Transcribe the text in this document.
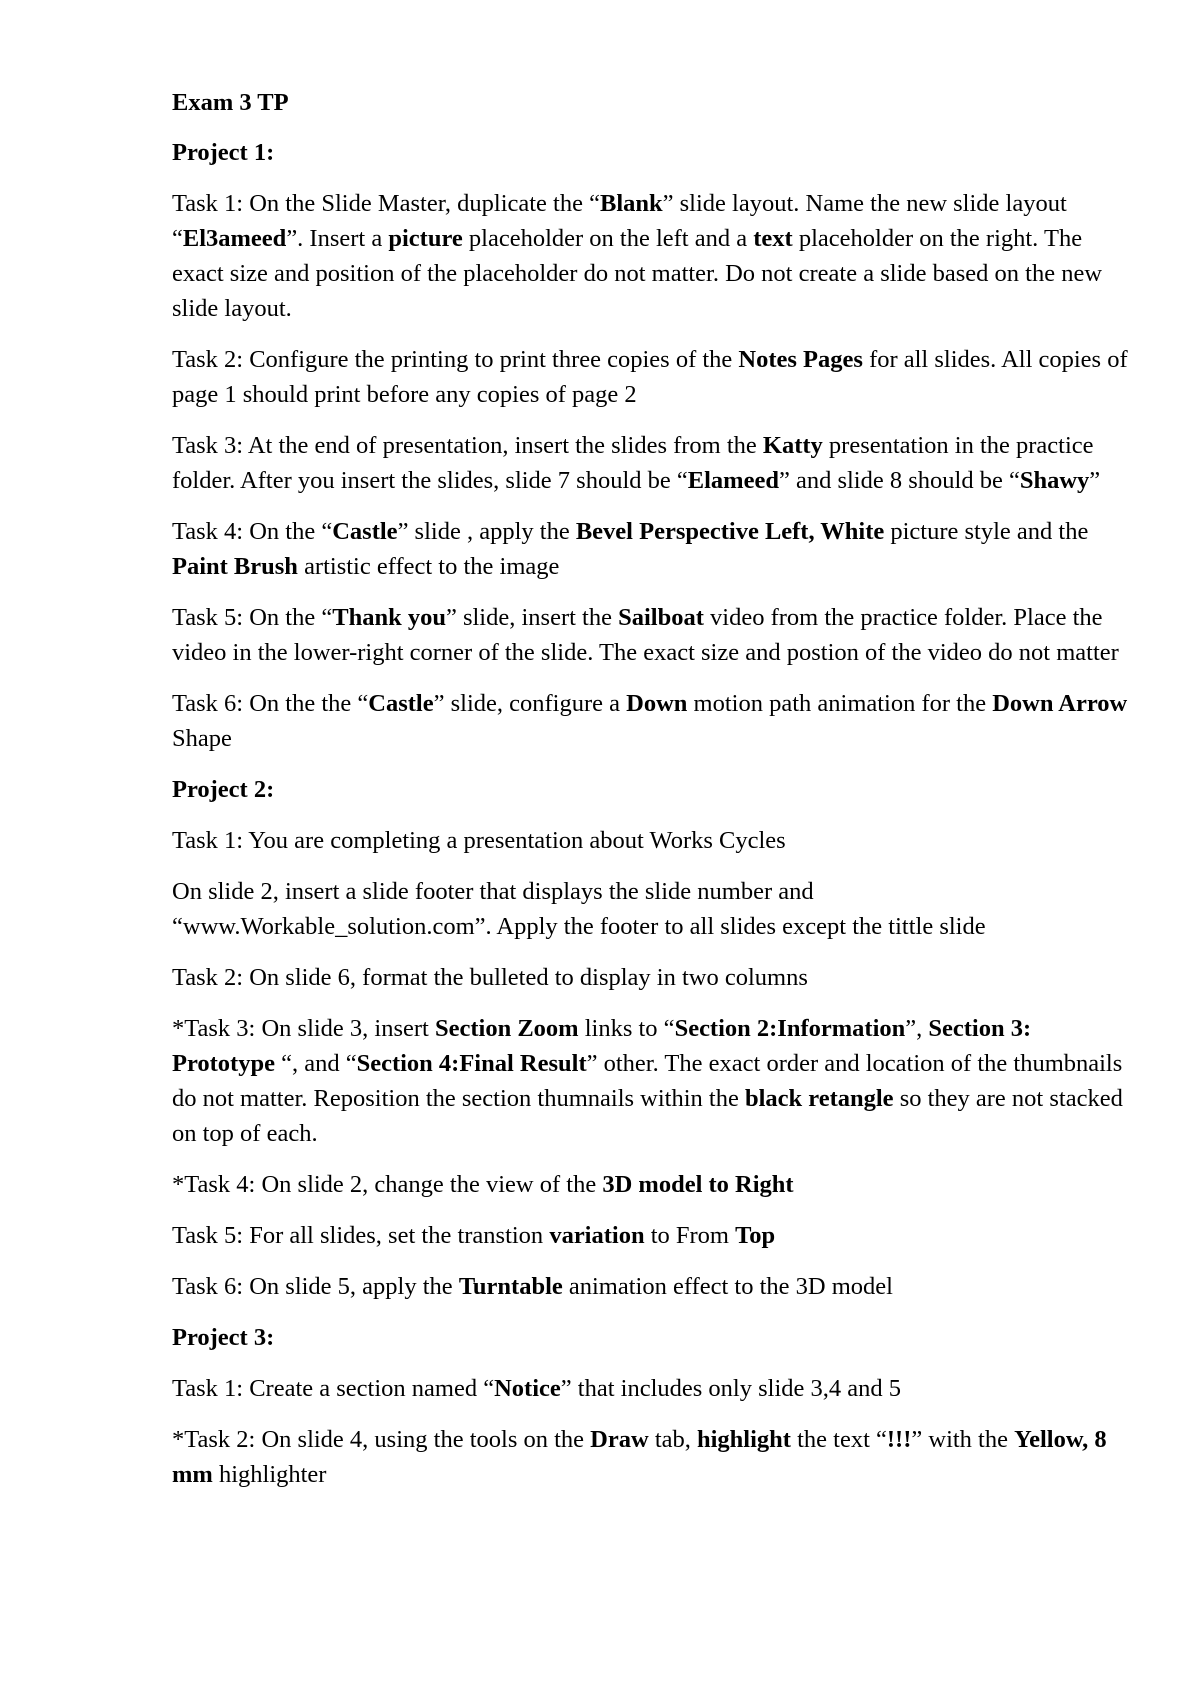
Exam 3 TP

Project 1:

Task 1: On the Slide Master, duplicate the “Blank” slide layout. Name the new slide layout “El3ameed”. Insert a picture placeholder on the left and a text placeholder on the right. The exact size and position of the placeholder do not matter. Do not create a slide based on the new slide layout.

Task 2: Configure the printing to print three copies of the Notes Pages for all slides. All copies of page 1 should print before any copies of page 2

Task 3: At the end of presentation, insert the slides from the Katty presentation in the practice folder. After you insert the slides, slide 7 should be “Elameed” and slide 8 should be “Shawy”

Task 4: On the “Castle” slide , apply the Bevel Perspective Left, White picture style and the Paint Brush artistic effect to the image

Task 5: On the “Thank you” slide, insert the Sailboat video from the practice folder. Place the video in the lower-right corner of the slide. The exact size and postion of the video do not matter

Task 6: On the the “Castle” slide, configure a Down motion path animation for the Down Arrow Shape

Project 2:

Task 1: You are completing a presentation about Works Cycles

On slide 2, insert a slide footer that displays the slide number and “www.Workable_solution.com”. Apply the footer to all slides except the tittle slide

Task 2: On slide 6, format the bulleted to display in two columns

*Task 3: On slide 3, insert Section Zoom links to “Section 2:Information”, Section 3: Prototype “, and “Section 4:Final Result” other. The exact order and location of the thumbnails do not matter. Reposition the section thumnails within the black retangle so they are not stacked on top of each.

*Task 4: On slide 2, change the view of the 3D model to Right

Task 5: For all slides, set the transtion variation to From Top

Task 6: On slide 5, apply the Turntable animation effect to the 3D model

Project 3:

Task 1: Create a section named “Notice” that includes only slide 3,4 and 5

*Task 2: On slide 4, using the tools on the Draw tab, highlight the text “!!!” with the Yellow, 8 mm highlighter
